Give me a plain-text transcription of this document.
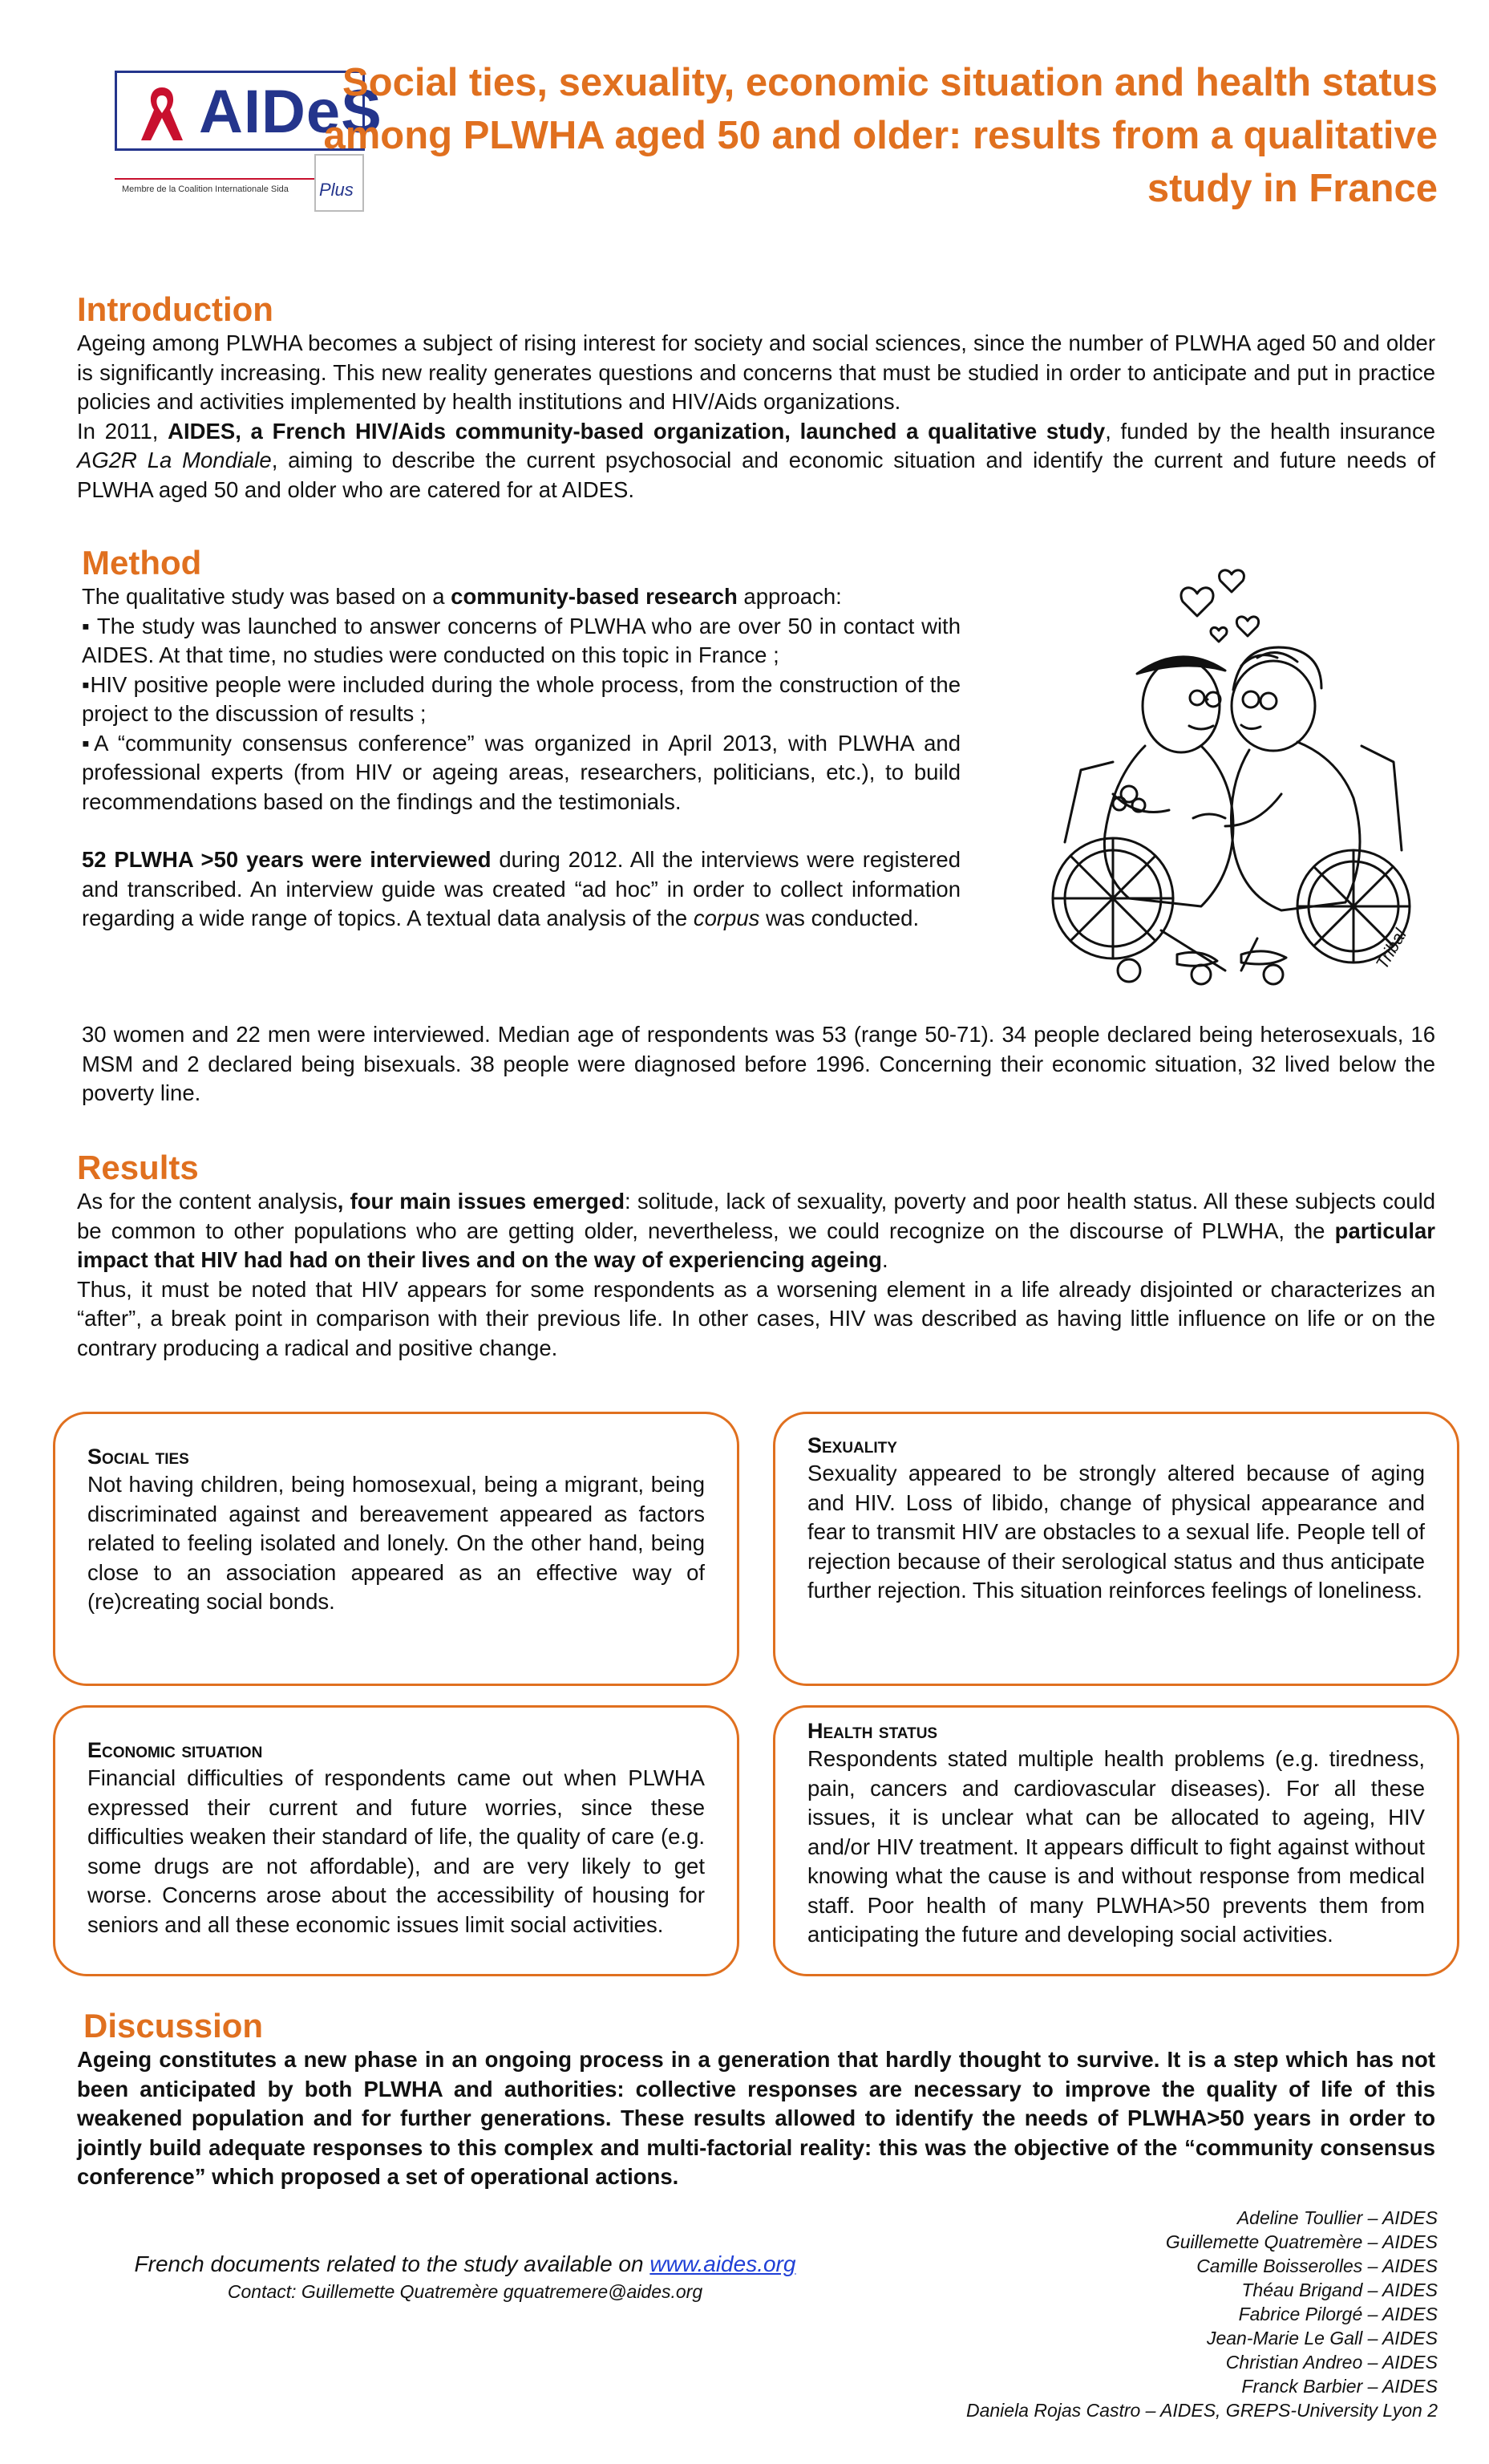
AIDeS
Membre de la Coalition Internationale Sida Plus
Social ties, sexuality, economic situation and health status among PLWHA aged 50 and older: results from a qualitative study in France
Introduction

Ageing among PLWHA becomes a subject of rising interest for society and social sciences, since the number of PLWHA aged 50 and older is significantly increasing. This new reality generates questions and concerns that must be studied in order to anticipate and put in practice policies and activities implemented by health institutions and HIV/Aids organizations.

In 2011, AIDES, a French HIV/Aids community-based organization, launched a qualitative study, funded by the health insurance AG2R La Mondiale, aiming to describe the current psychosocial and economic situation and identify the current and future needs of PLWHA aged 50 and older who are catered for at AIDES.

Method

The qualitative study was based on a community-based research approach:

▪ The study was launched to answer concerns of PLWHA who are over 50 in contact with AIDES. At that time, no studies were conducted on this topic in France ;

▪HIV positive people were included during the whole process, from the construction of the project to the discussion of results ;

▪A “community consensus conference” was organized in April 2013, with PLWHA and professional experts (from HIV or ageing areas, researchers, politicians, etc.), to build recommendations based on the findings and the testimonials.

52 PLWHA >50 years were interviewed during 2012. All the interviews were registered and transcribed. An interview guide was created “ad hoc” in order to collect information regarding a wide range of topics. A textual data analysis of the corpus was conducted.

Tribal

30 women and 22 men were interviewed. Median age of respondents was 53 (range 50-71). 34 people declared being heterosexuals, 16 MSM and 2 declared being bisexuals. 38 people were diagnosed before 1996. Concerning their economic situation, 32 lived below the poverty line.

Results

As for the content analysis, four main issues emerged: solitude, lack of sexuality, poverty and poor health status. All these subjects could be common to other populations who are getting older, nevertheless, we could recognize on the discourse of PLWHA, the particular impact that HIV had had on their lives and on the way of experiencing ageing.

Thus, it must be noted that HIV appears for some respondents as a worsening element in a life already disjointed or characterizes an “after”, a break point in comparison with their previous life. In other cases, HIV was described as having little influence on life or on the contrary producing a radical and positive change.

Social ties

Not having children, being homosexual, being a migrant, being discriminated against and bereavement appeared as factors related to feeling isolated and lonely. On the other hand, being close to an association appeared as an effective way of (re)creating social bonds.

Sexuality

Sexuality appeared to be strongly altered because of aging and HIV. Loss of libido, change of physical appearance and fear to transmit HIV are obstacles to a sexual life. People tell of rejection because of their serological status and thus anticipate further rejection. This situation reinforces feelings of loneliness.

Economic situation

Financial difficulties of respondents came out when PLWHA expressed their current and future worries, since these difficulties weaken their standard of life, the quality of care (e.g. some drugs are not affordable), and are very likely to get worse. Concerns arose about the accessibility of housing for seniors and all these economic issues limit social activities.

Health status

Respondents stated multiple health problems (e.g. tiredness, pain, cancers and cardiovascular diseases). For all these issues, it is unclear what can be allocated to ageing, HIV and/or HIV treatment. It appears difficult to fight against without knowing what the cause is and without response from medical staff. Poor health of many PLWHA>50 prevents them from anticipating the future and developing social activities.

Discussion

Ageing constitutes a new phase in an ongoing process in a generation that hardly thought to survive. It is a step which has not been anticipated by both PLWHA and authorities: collective responses are necessary to improve the quality of life of this weakened population and for further generations. These results allowed to identify the needs of PLWHA>50 years in order to jointly build adequate responses to this complex and multi-factorial reality: this was the objective of the “community consensus conference” which proposed a set of operational actions.

Adeline Toullier – AIDES
Guillemette Quatremère – AIDES
Camille Boisserolles – AIDES
Théau Brigand – AIDES
Fabrice Pilorgé – AIDES
Jean-Marie Le Gall – AIDES
Christian Andreo – AIDES
Franck Barbier – AIDES
Daniela Rojas Castro – AIDES, GREPS-University Lyon 2
French documents related to the study available on www.aides.org
Contact: Guillemette Quatremère gquatremere@aides.org
